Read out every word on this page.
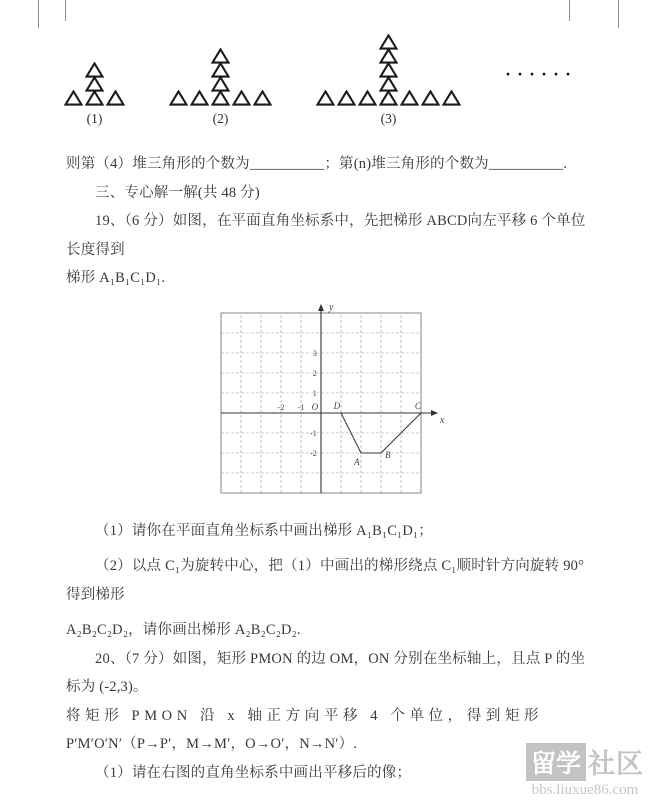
(1)	(2)	(3)
······

则第（4）堆三角形的个数为__________；第(n)堆三角形的个数为__________.

三、专心解一解(共 48 分)

19、（6 分）如图，在平面直角坐标系中，先把梯形 ABCD向左平移 6 个单位长度得到

梯形 A₁B₁C₁D₁.

y
x
O
3
2
1
-1
-2
-2 -1	D	C
B
A

（1）请你在平面直角坐标系中画出梯形 A₁B₁C₁D₁；

（2）以点 C₁为旋转中心，把（1）中画出的梯形绕点 C₁顺时针方向旋转 90° 得到梯形

A₂B₂C₂D₂，请你画出梯形 A₂B₂C₂D₂.

20、（7 分）如图，矩形 PMON 的边 OM，ON 分别在坐标轴上，且点 P 的坐标为 (-2,3)。

将矩形 PMON 沿 x 轴正方向平移 4 个单位，得到矩形

P′M′O′N′（P→P′，M→M′，O→O′，N→N′）.

（1）请在右图的直角坐标系中画出平移后的像；	留学 社区
bbs.liuxue86.com
